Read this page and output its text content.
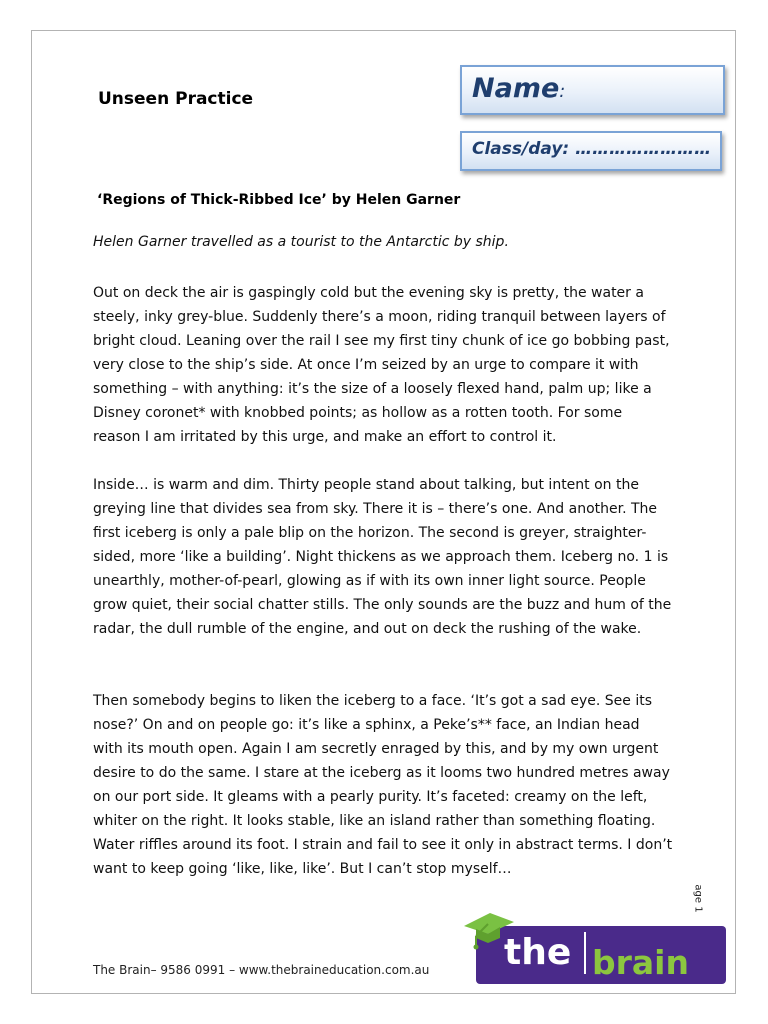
Unseen Practice	Name:
Class/day: ……………………

‘Regions of Thick-Ribbed Ice’ by Helen Garner

Helen Garner travelled as a tourist to the Antarctic by ship.

Out on deck the air is gaspingly cold but the evening sky is pretty, the water a steely, inky grey-blue. Suddenly there’s a moon, riding tranquil between layers of bright cloud. Leaning over the rail I see my first tiny chunk of ice go bobbing past, very close to the ship’s side. At once I’m seized by an urge to compare it with something – with anything: it’s the size of a loosely flexed hand, palm up; like a Disney coronet* with knobbed points; as hollow as a rotten tooth. For some reason I am irritated by this urge, and make an effort to control it.

Inside… is warm and dim. Thirty people stand about talking, but intent on the greying line that divides sea from sky. There it is – there’s one. And another. The first iceberg is only a pale blip on the horizon. The second is greyer, straighter-sided, more ‘like a building’. Night thickens as we approach them. Iceberg no. 1 is unearthly, mother-of-pearl, glowing as if with its own inner light source. People grow quiet, their social chatter stills. The only sounds are the buzz and hum of the radar, the dull rumble of the engine, and out on deck the rushing of the wake.

Then somebody begins to liken the iceberg to a face. ‘It’s got a sad eye. See its nose?’ On and on people go: it’s like a sphinx, a Peke’s** face, an Indian head with its mouth open. Again I am secretly enraged by this, and by my own urgent desire to do the same. I stare at the iceberg as it looms two hundred metres away on our port side. It gleams with a pearly purity. It’s faceted: creamy on the left, whiter on the right. It looks stable, like an island rather than something floating. Water riffles around its foot. I strain and fail to see it only in abstract terms. I don’t want to keep going ‘like, like, like’. But I can’t stop myself…

age 1

The Brain– 9586 0991 – www.thebraineducation.com.au the brain
